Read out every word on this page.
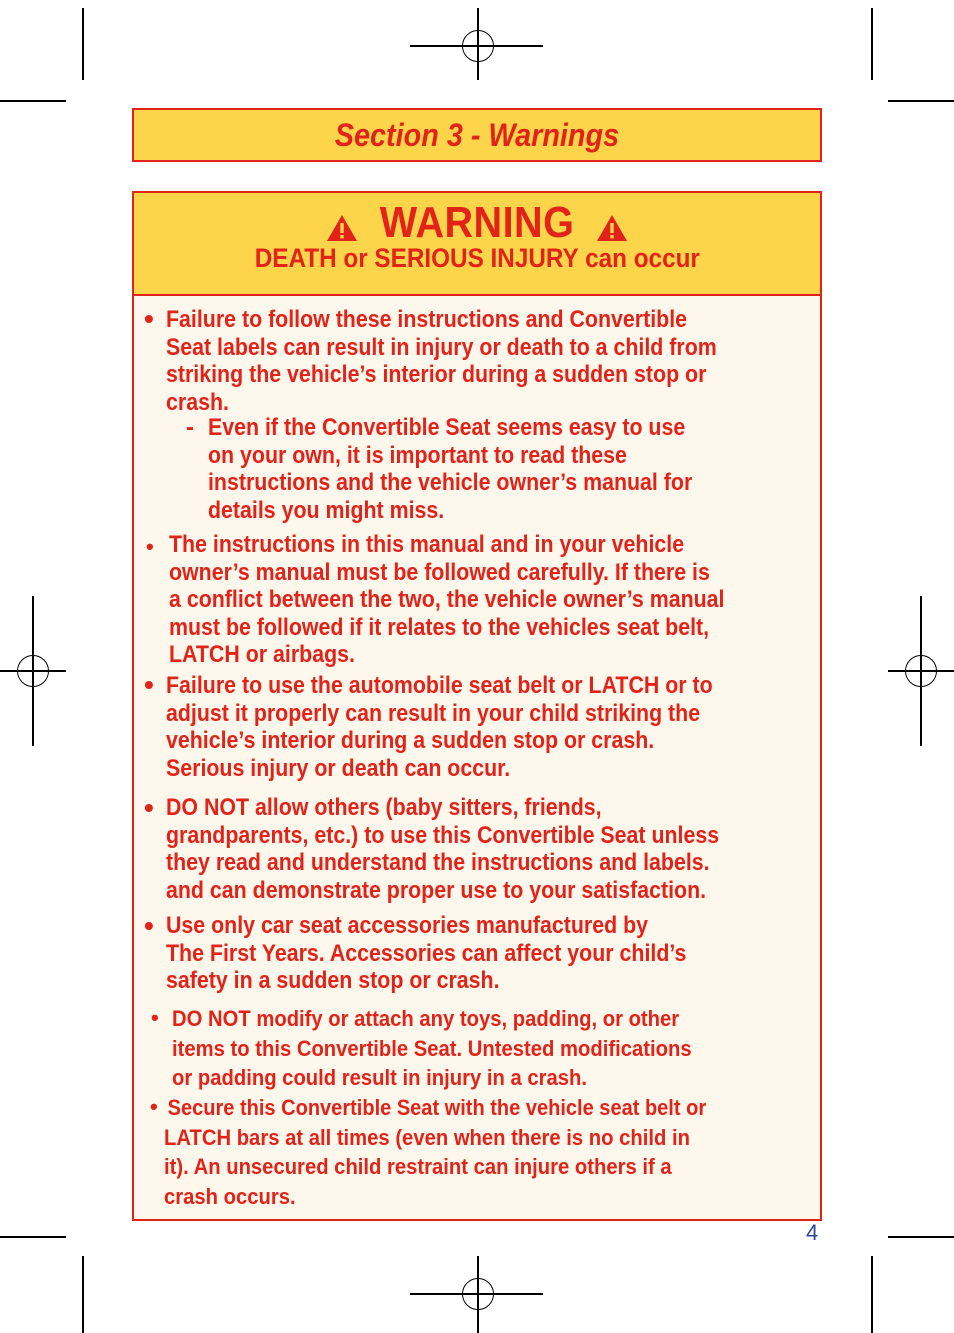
Section 3 - Warnings
WARNING
DEATH or SERIOUS INJURY can occur
• Failure to follow these instructions and Convertible
Seat labels can result in injury or death to a child from
striking the vehicle’s interior during a sudden stop or
crash.
- Even if the Convertible Seat seems easy to use
on your own, it is important to read these
instructions and the vehicle owner’s manual for
details you might miss.
• The instructions in this manual and in your vehicle
owner’s manual must be followed carefully. If there is
a conflict between the two, the vehicle owner’s manual
must be followed if it relates to the vehicles seat belt,
LATCH or airbags.
• Failure to use the automobile seat belt or LATCH or to
adjust it properly can result in your child striking the
vehicle’s interior during a sudden stop or crash.
Serious injury or death can occur.
• DO NOT allow others (baby sitters, friends,
grandparents, etc.) to use this Convertible Seat unless
they read and understand the instructions and labels.
and can demonstrate proper use to your satisfaction.
• Use only car seat accessories manufactured by
The First Years. Accessories can affect your child’s
safety in a sudden stop or crash.
• DO NOT modify or attach any toys, padding, or other
items to this Convertible Seat. Untested modifications
or padding could result in injury in a crash.
• Secure this Convertible Seat with the vehicle seat belt or
LATCH bars at all times (even when there is no child in
it). An unsecured child restraint can injure others if a
crash occurs.
4
